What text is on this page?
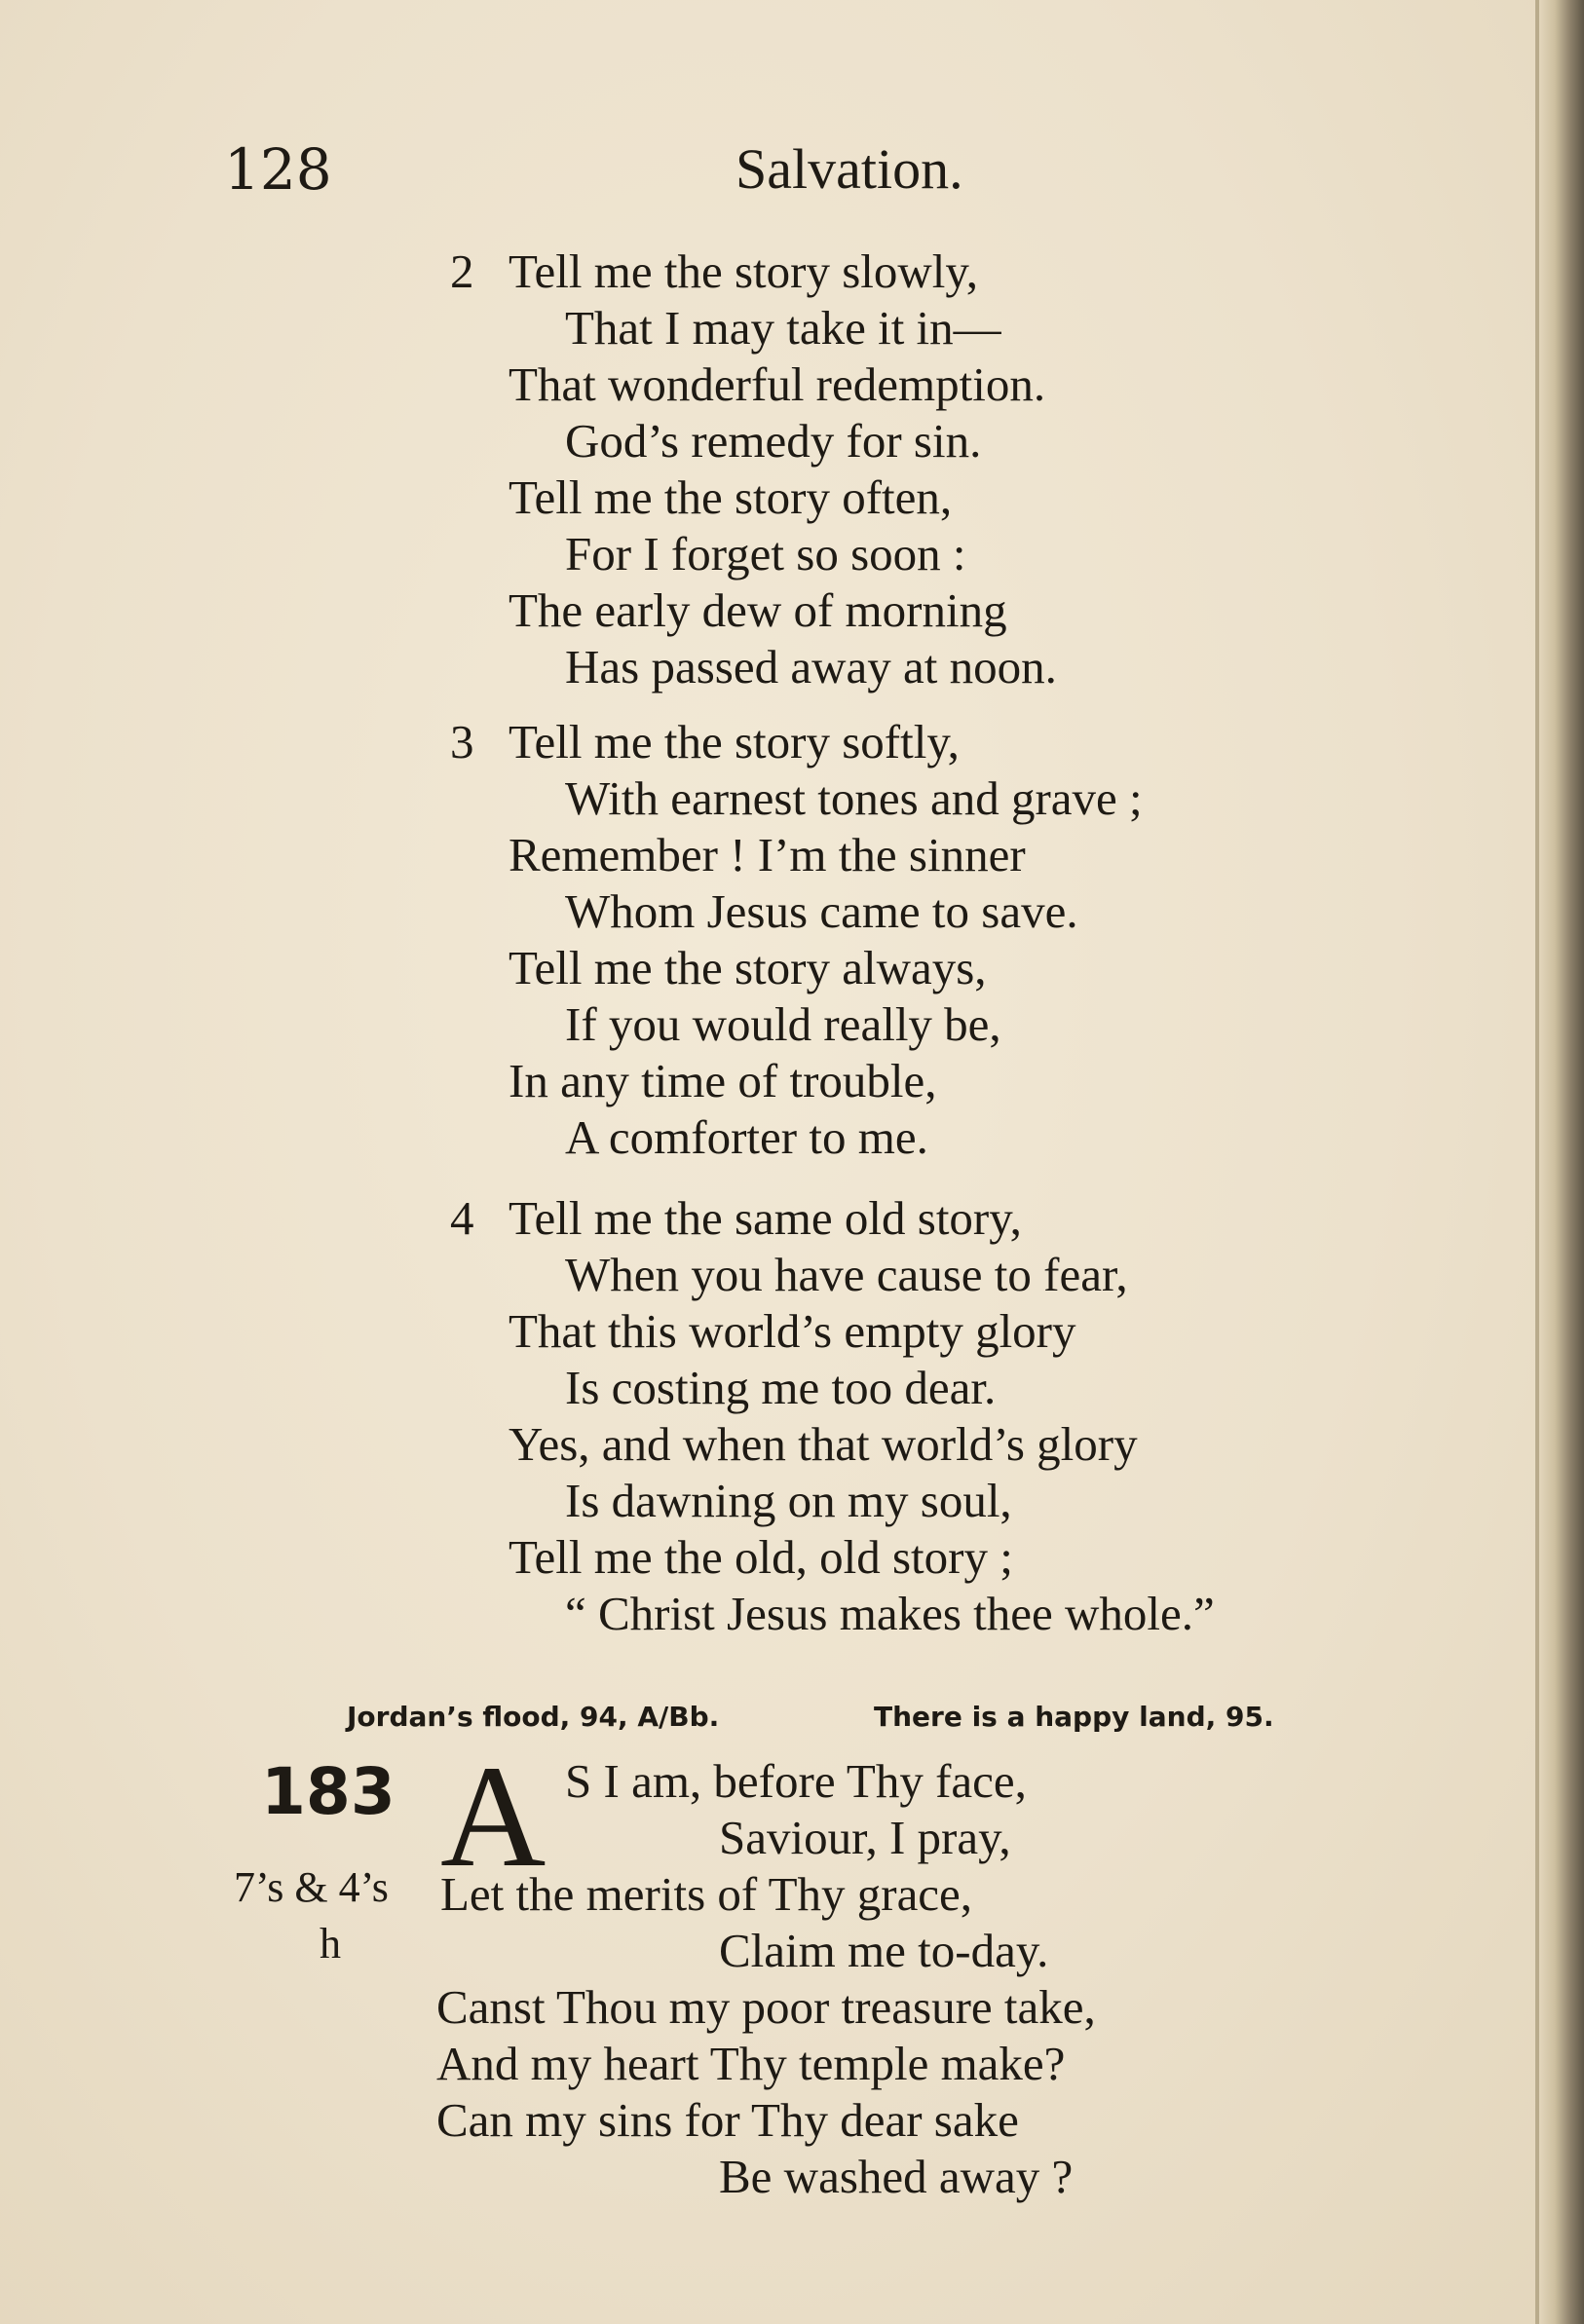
128	Salvation.
2 Tell me the story slowly,
That I may take it in—
That wonderful redemption.
God’s remedy for sin.
Tell me the story often,
For I forget so soon :
The early dew of morning
Has passed away at noon.
3 Tell me the story softly,
With earnest tones and grave ;
Remember ! I’m the sinner
Whom Jesus came to save.
Tell me the story always,
If you would really be,
In any time of trouble,
A comforter to me.
4 Tell me the same old story,
When you have cause to fear,
That this world’s empty glory
Is costing me too dear.
Yes, and when that world’s glory
Is dawning on my soul,
Tell me the old, old story ;
“ Christ Jesus makes thee whole.”
Jordan’s flood, 94, A/Bb.	There is a happy land, 95.
183
7’s & 4’s
h
A S I am, before Thy face,
Saviour, I pray,
Let the merits of Thy grace,
Claim me to-day.
Canst Thou my poor treasure take,
And my heart Thy temple make?
Can my sins for Thy dear sake
Be washed away ?
